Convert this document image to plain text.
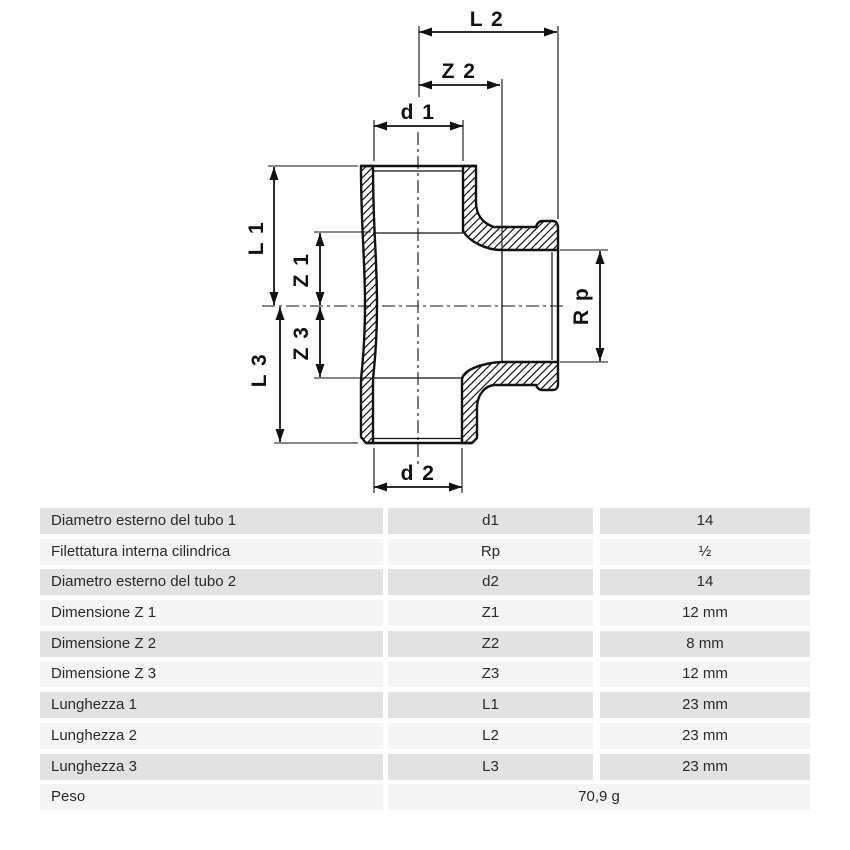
L 2
Z 2
d 1
L 1
Z 1
Z 3
L 3
R p
d 2
Diametro esterno del tubo 1	d1	14
Filettatura interna cilindrica	Rp	½
Diametro esterno del tubo 2	d2	14
Dimensione Z 1	Z1	12 mm
Dimensione Z 2	Z2	8 mm
Dimensione Z 3	Z3	12 mm
Lunghezza 1	L1	23 mm
Lunghezza 2	L2	23 mm
Lunghezza 3	L3	23 mm
Peso	70,9 g
